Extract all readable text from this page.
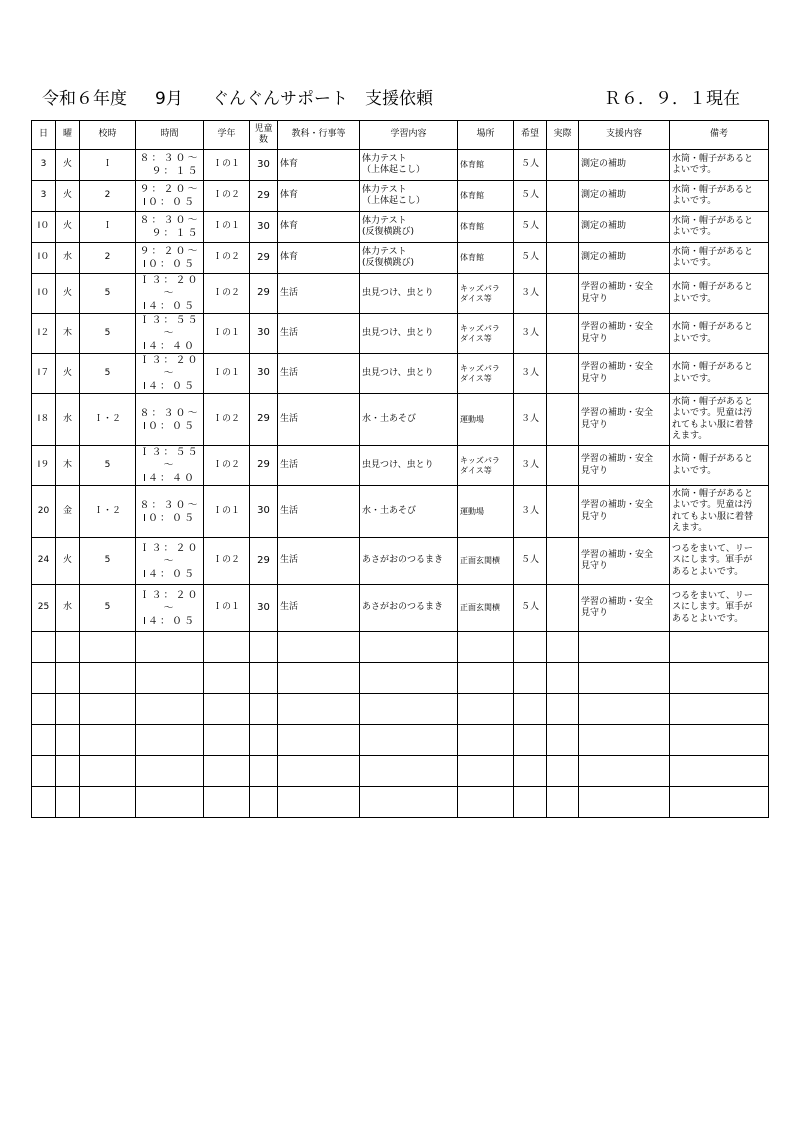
令和６年度 9月 ぐんぐんサポート　支援依頼	Ｒ６．９．１現在
日	曜	校時	時間	学年	児童数	教科・行事等	学習内容	場所	希望	実際	支援内容	備考

3	火	Ｉ	８：３０～
　９：１５	Ｉの１	30	体育	体力テスト
（上体起こし）	体育館	５人		測定の補助	水筒・帽子があると
よいです。

3	火	2	９：２０～
I０：０５	Ｉの２	29	体育	体力テスト
（上体起こし）	体育館	５人		測定の補助	水筒・帽子があると
よいです。

I０	火	Ｉ	８：３０～
　９：１５	Ｉの１	30	体育	体力テスト
(反復横跳び)	体育館	５人		測定の補助	水筒・帽子があると
よいです。

I０	水	2	９：２０～
I０：０５	Ｉの２	29	体育	体力テスト
(反復横跳び)	体育館	５人		測定の補助	水筒・帽子があると
よいです。

I０	火	5	Ｉ３：２０～
I４：０５	Ｉの２	29	生活	虫見つけ、虫とり	キッズパラ
ダイス等	３人		学習の補助・安全
見守り	水筒・帽子があると
よいです。

I２	木	5	Ｉ３：５５～
I４：４０	Ｉの１	30	生活	虫見つけ、虫とり	キッズパラ
ダイス等	３人		学習の補助・安全
見守り	水筒・帽子があると
よいです。

I７	火	5	Ｉ３：２０～
I４：０５	Ｉの１	30	生活	虫見つけ、虫とり	キッズパラ
ダイス等	３人		学習の補助・安全
見守り	水筒・帽子があると
よいです。

I８	水	Ｉ・２	８：３０～
I０：０５	Ｉの２	29	生活	水・土あそび	運動場	３人		学習の補助・安全
見守り	水筒・帽子があると
よいです。児童は汚
れてもよい服に着替
えます。

I９	木	5	Ｉ３：５５～
I４：４０	Ｉの２	29	生活	虫見つけ、虫とり	キッズパラ
ダイス等	３人		学習の補助・安全
見守り	水筒・帽子があると
よいです。

20	金	Ｉ・２	８：３０～
I０：０５	Ｉの１	30	生活	水・土あそび	運動場	３人		学習の補助・安全
見守り	水筒・帽子があると
よいです。児童は汚
れてもよい服に着替
えます。

24	火	5	Ｉ３：２０～
I４：０５	Ｉの２	29	生活	あさがおのつるまき	正面玄関横	５人		学習の補助・安全
見守り	つるをまいて、リー
スにします。軍手が
あるとよいです。

25	水	5	Ｉ３：２０～
I４：０５	Ｉの１	30	生活	あさがおのつるまき	正面玄関横	５人		学習の補助・安全
見守り	つるをまいて、リー
スにします。軍手が
あるとよいです。
